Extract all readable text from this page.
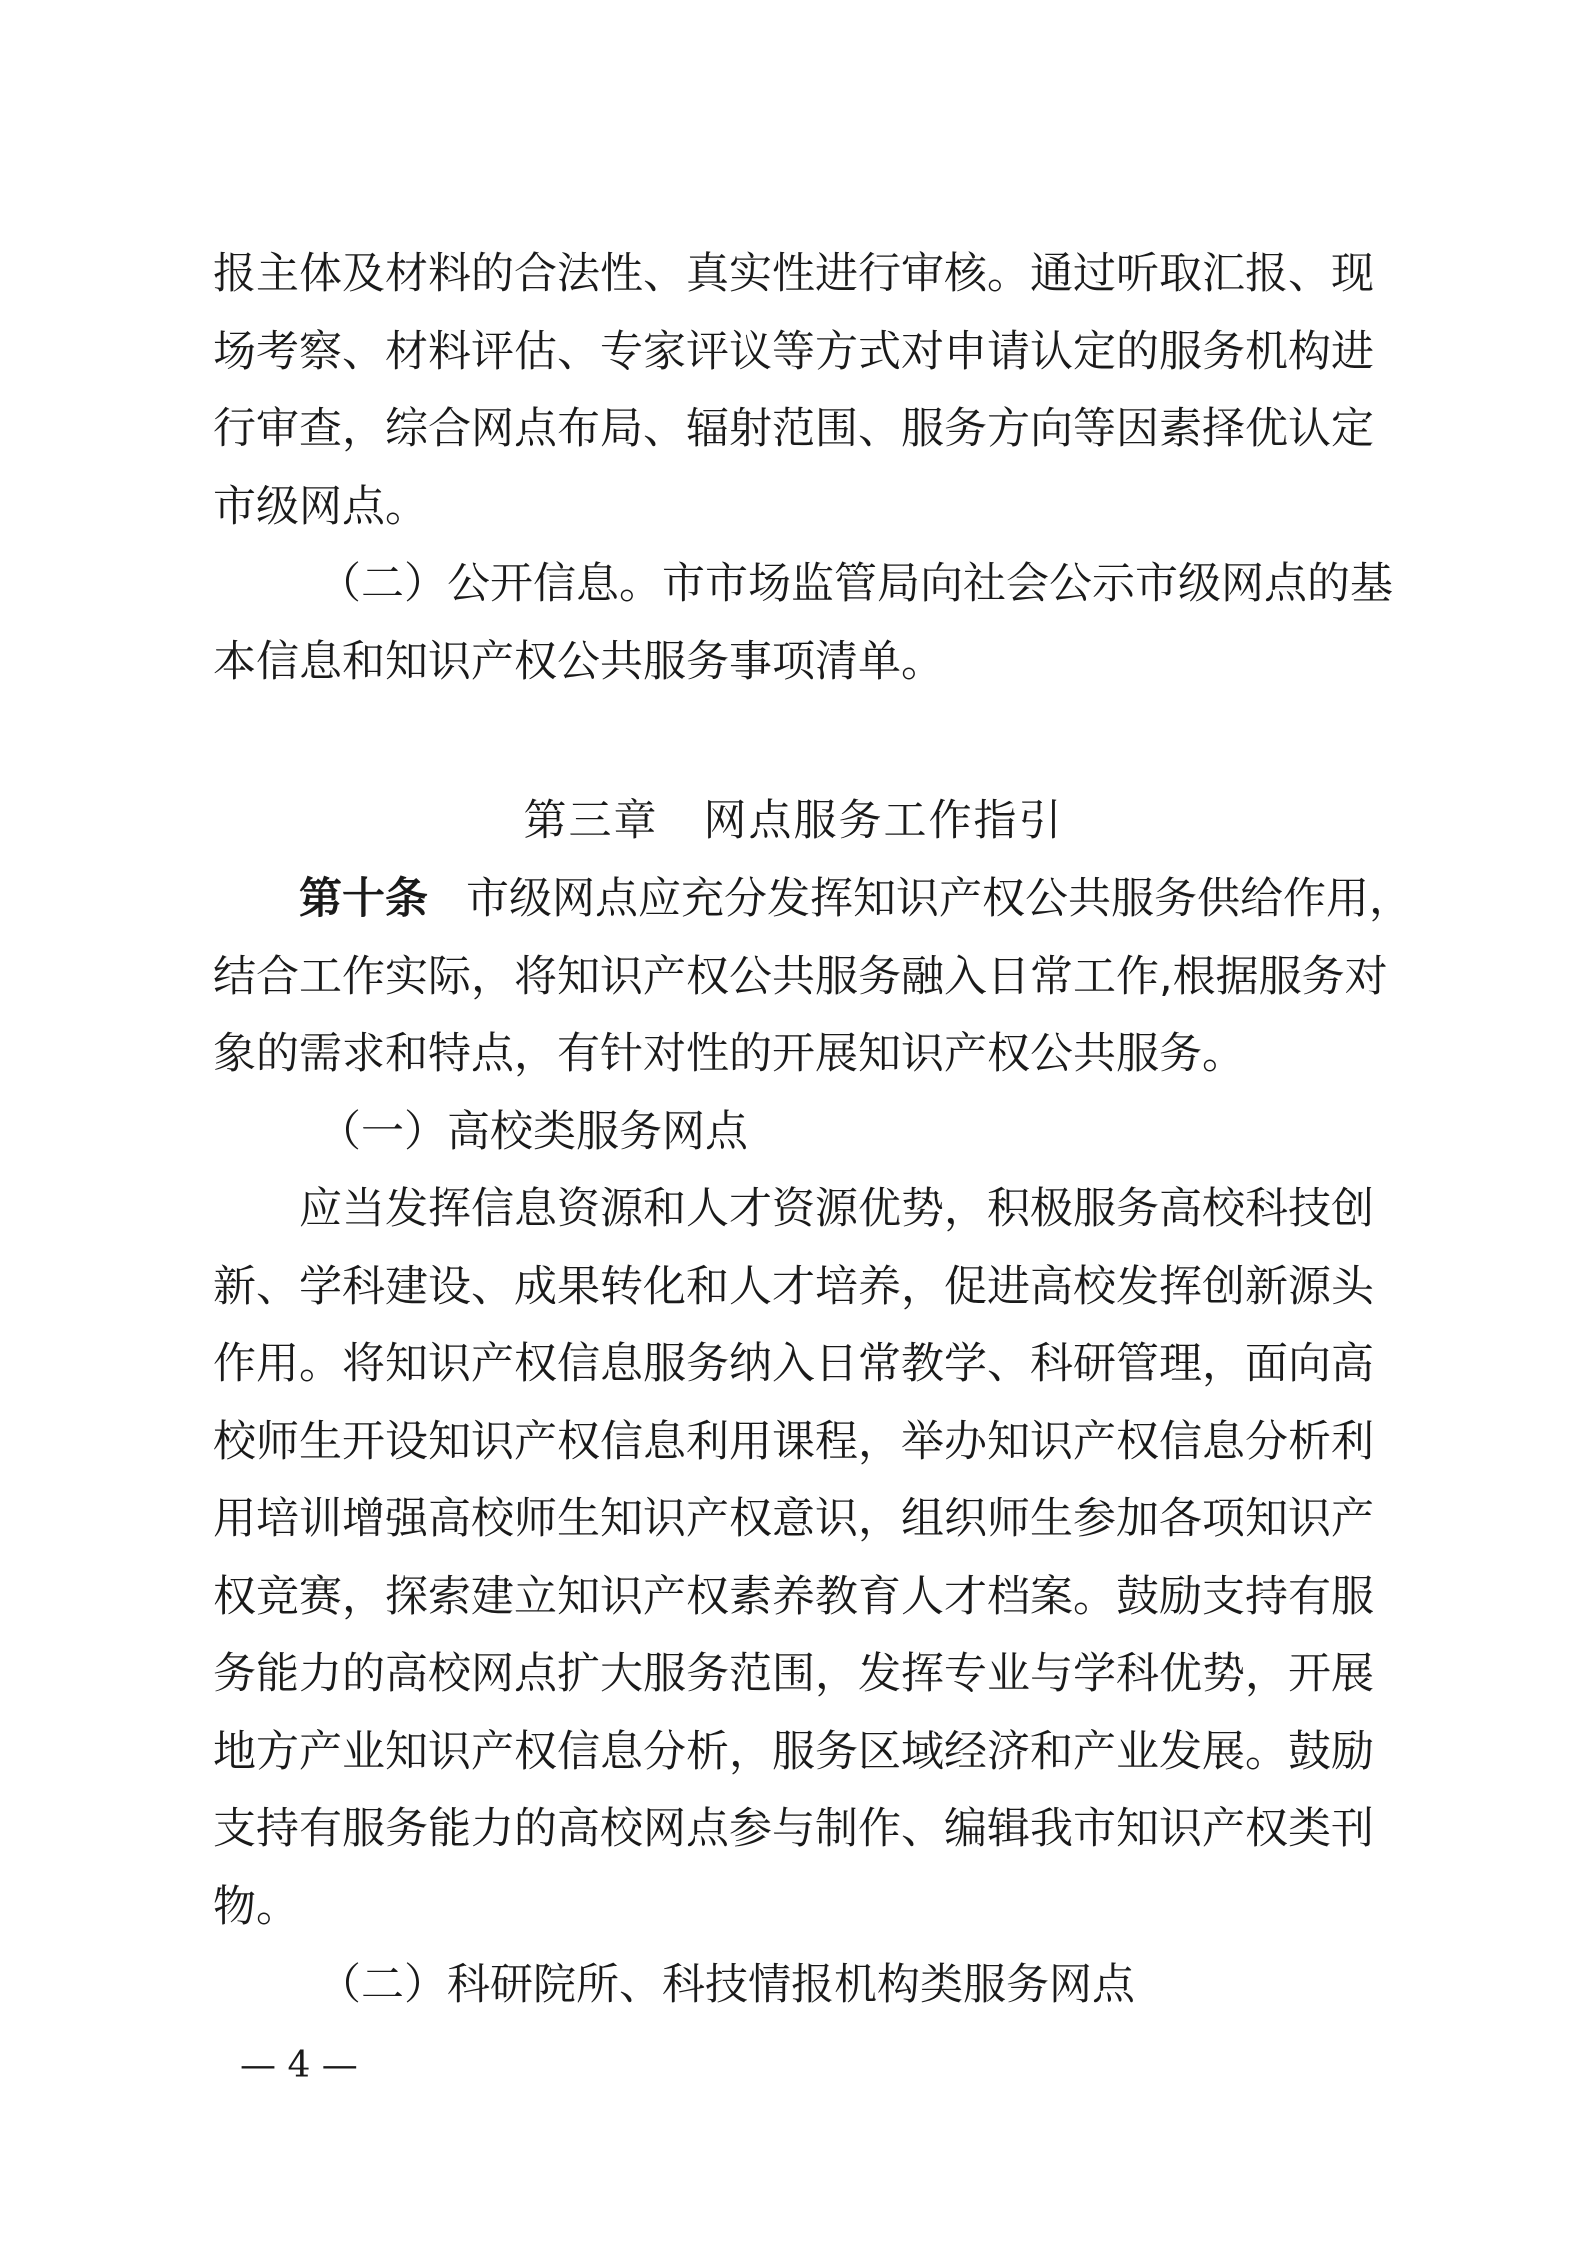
报主体及材料的合法性、真实性进行审核。通过听取汇报、现
场考察、材料评估、专家评议等方式对申请认定的服务机构进
行审查，综合网点布局、辐射范围、服务方向等因素择优认定
市级网点。
（二）公开信息。市市场监管局向社会公示市级网点的基
本信息和知识产权公共服务事项清单。
第三章　网点服务工作指引
第十条 市级网点应充分发挥知识产权公共服务供给作用，
结合工作实际，将知识产权公共服务融入日常工作,根据服务对
象的需求和特点，有针对性的开展知识产权公共服务。
（一）高校类服务网点
应当发挥信息资源和人才资源优势，积极服务高校科技创
新、学科建设、成果转化和人才培养，促进高校发挥创新源头
作用。将知识产权信息服务纳入日常教学、科研管理，面向高
校师生开设知识产权信息利用课程，举办知识产权信息分析利
用培训增强高校师生知识产权意识，组织师生参加各项知识产
权竞赛，探索建立知识产权素养教育人才档案。鼓励支持有服
务能力的高校网点扩大服务范围，发挥专业与学科优势，开展
地方产业知识产权信息分析，服务区域经济和产业发展。鼓励
支持有服务能力的高校网点参与制作、编辑我市知识产权类刊
物。
（二）科研院所、科技情报机构类服务网点
— 4 —
